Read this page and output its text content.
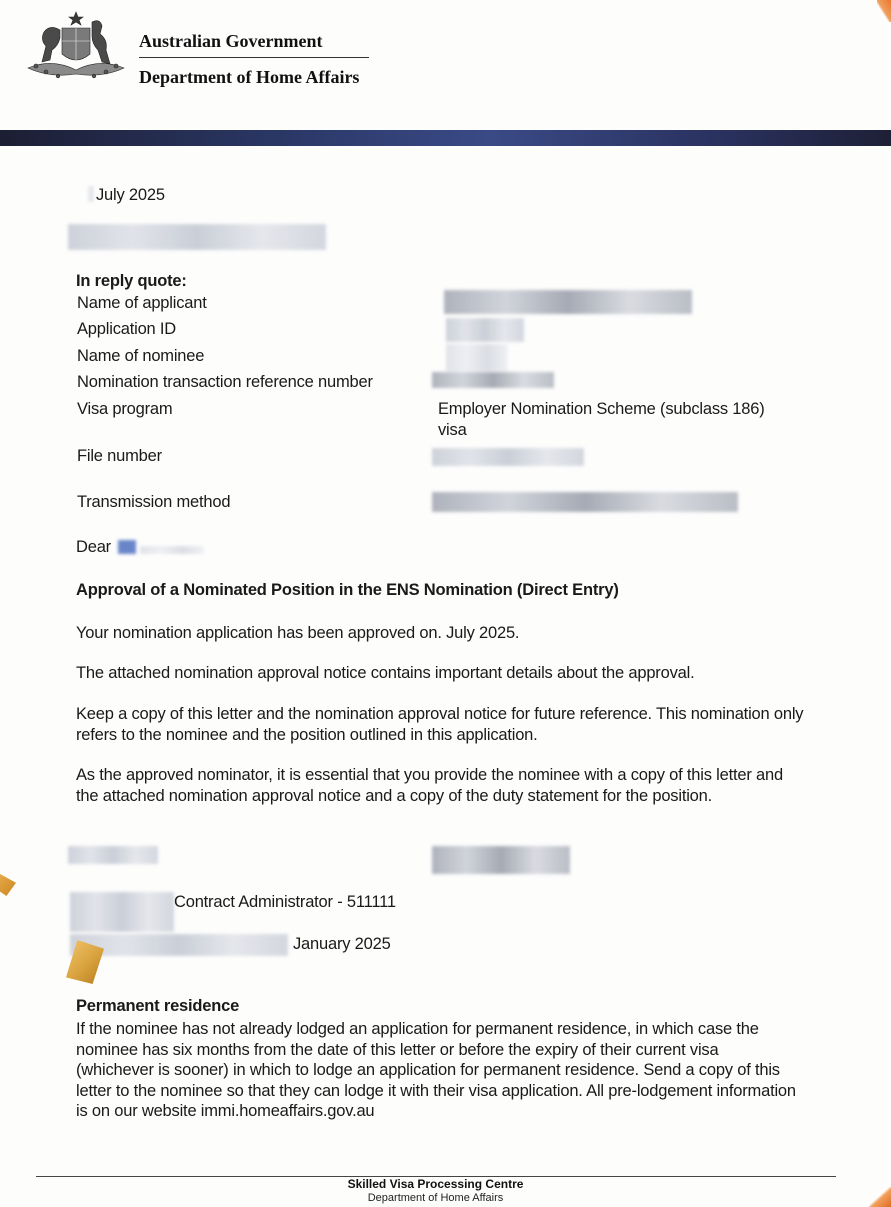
Australian Government
Department of Home Affairs
July 2025
In reply quote:
Name of applicant
Application ID
Name of nominee
Nomination transaction reference number
Visa program	Employer Nomination Scheme (subclass 186)
visa
File number
Transmission method
Dear
Approval of a Nominated Position in the ENS Nomination (Direct Entry)
Your nomination application has been approved on. July 2025.
The attached nomination approval notice contains important details about the approval.
Keep a copy of this letter and the nomination approval notice for future reference. This nomination only refers to the nominee and the position outlined in this application.
As the approved nominator, it is essential that you provide the nominee with a copy of this letter and the attached nomination approval notice and a copy of the duty statement for the position.
Contract Administrator - 511111
January 2025
Permanent residence
If the nominee has not already lodged an application for permanent residence, in which case the nominee has six months from the date of this letter or before the expiry of their current visa (whichever is sooner) in which to lodge an application for permanent residence. Send a copy of this letter to the nominee so that they can lodge it with their visa application. All pre-lodgement information is on our website immi.homeaffairs.gov.au
Skilled Visa Processing Centre
Department of Home Affairs
